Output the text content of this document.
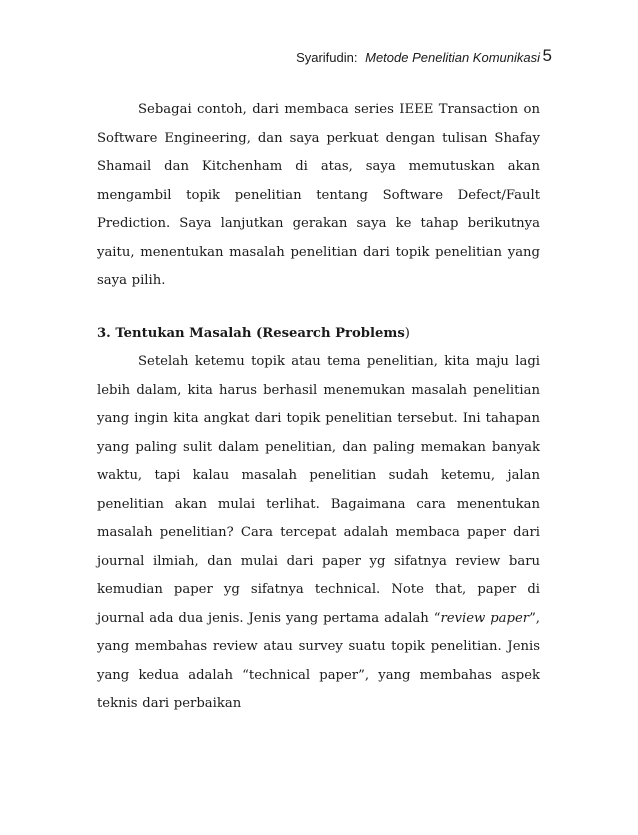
Syarifudin: Metode Penelitian Komunikasi 5

Sebagai contoh, dari membaca series IEEE Transaction on Software Engineering, dan saya perkuat dengan tulisan Shafay Shamail dan Kitchenham di atas, saya memutuskan akan mengambil topik penelitian tentang Software Defect/Fault Prediction. Saya lanjutkan gerakan saya ke tahap berikutnya yaitu, menentukan masalah penelitian dari topik penelitian yang saya pilih.

3. Tentukan Masalah (Research Problems)

Setelah ketemu topik atau tema penelitian, kita maju lagi lebih dalam, kita harus berhasil menemukan masalah penelitian yang ingin kita angkat dari topik penelitian tersebut. Ini tahapan yang paling sulit dalam penelitian, dan paling memakan banyak waktu, tapi kalau masalah penelitian sudah ketemu, jalan penelitian akan mulai terlihat. Bagaimana cara menentukan masalah penelitian? Cara tercepat adalah membaca paper dari journal ilmiah, dan mulai dari paper yg sifatnya review baru kemudian paper yg sifatnya technical. Note that, paper di journal ada dua jenis. Jenis yang pertama adalah “review paper”, yang membahas review atau survey suatu topik penelitian. Jenis yang kedua adalah “technical paper”, yang membahas aspek teknis dari perbaikan
